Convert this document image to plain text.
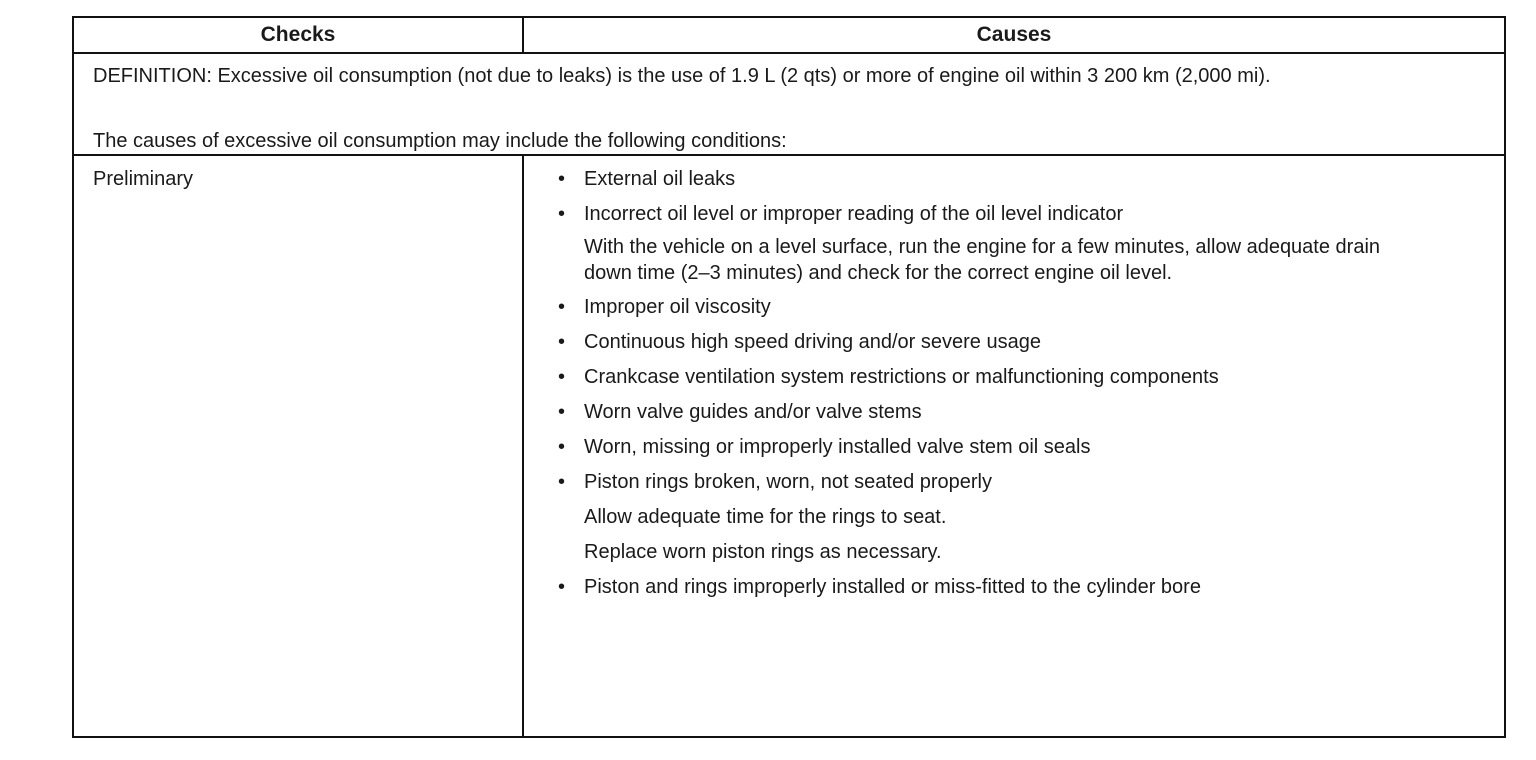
Checks	Causes
DEFINITION: Excessive oil consumption (not due to leaks) is the use of 1.9 L (2 qts) or more of engine oil within 3 200 km (2,000 mi).
The causes of excessive oil consumption may include the following conditions:
Preliminary	• External oil leaks
• Incorrect oil level or improper reading of the oil level indicator
With the vehicle on a level surface, run the engine for a few minutes, allow adequate drain down time (2–3 minutes) and check for the correct engine oil level.
• Improper oil viscosity
• Continuous high speed driving and/or severe usage
• Crankcase ventilation system restrictions or malfunctioning components
• Worn valve guides and/or valve stems
• Worn, missing or improperly installed valve stem oil seals
• Piston rings broken, worn, not seated properly
Allow adequate time for the rings to seat.
Replace worn piston rings as necessary.
• Piston and rings improperly installed or miss-fitted to the cylinder bore
